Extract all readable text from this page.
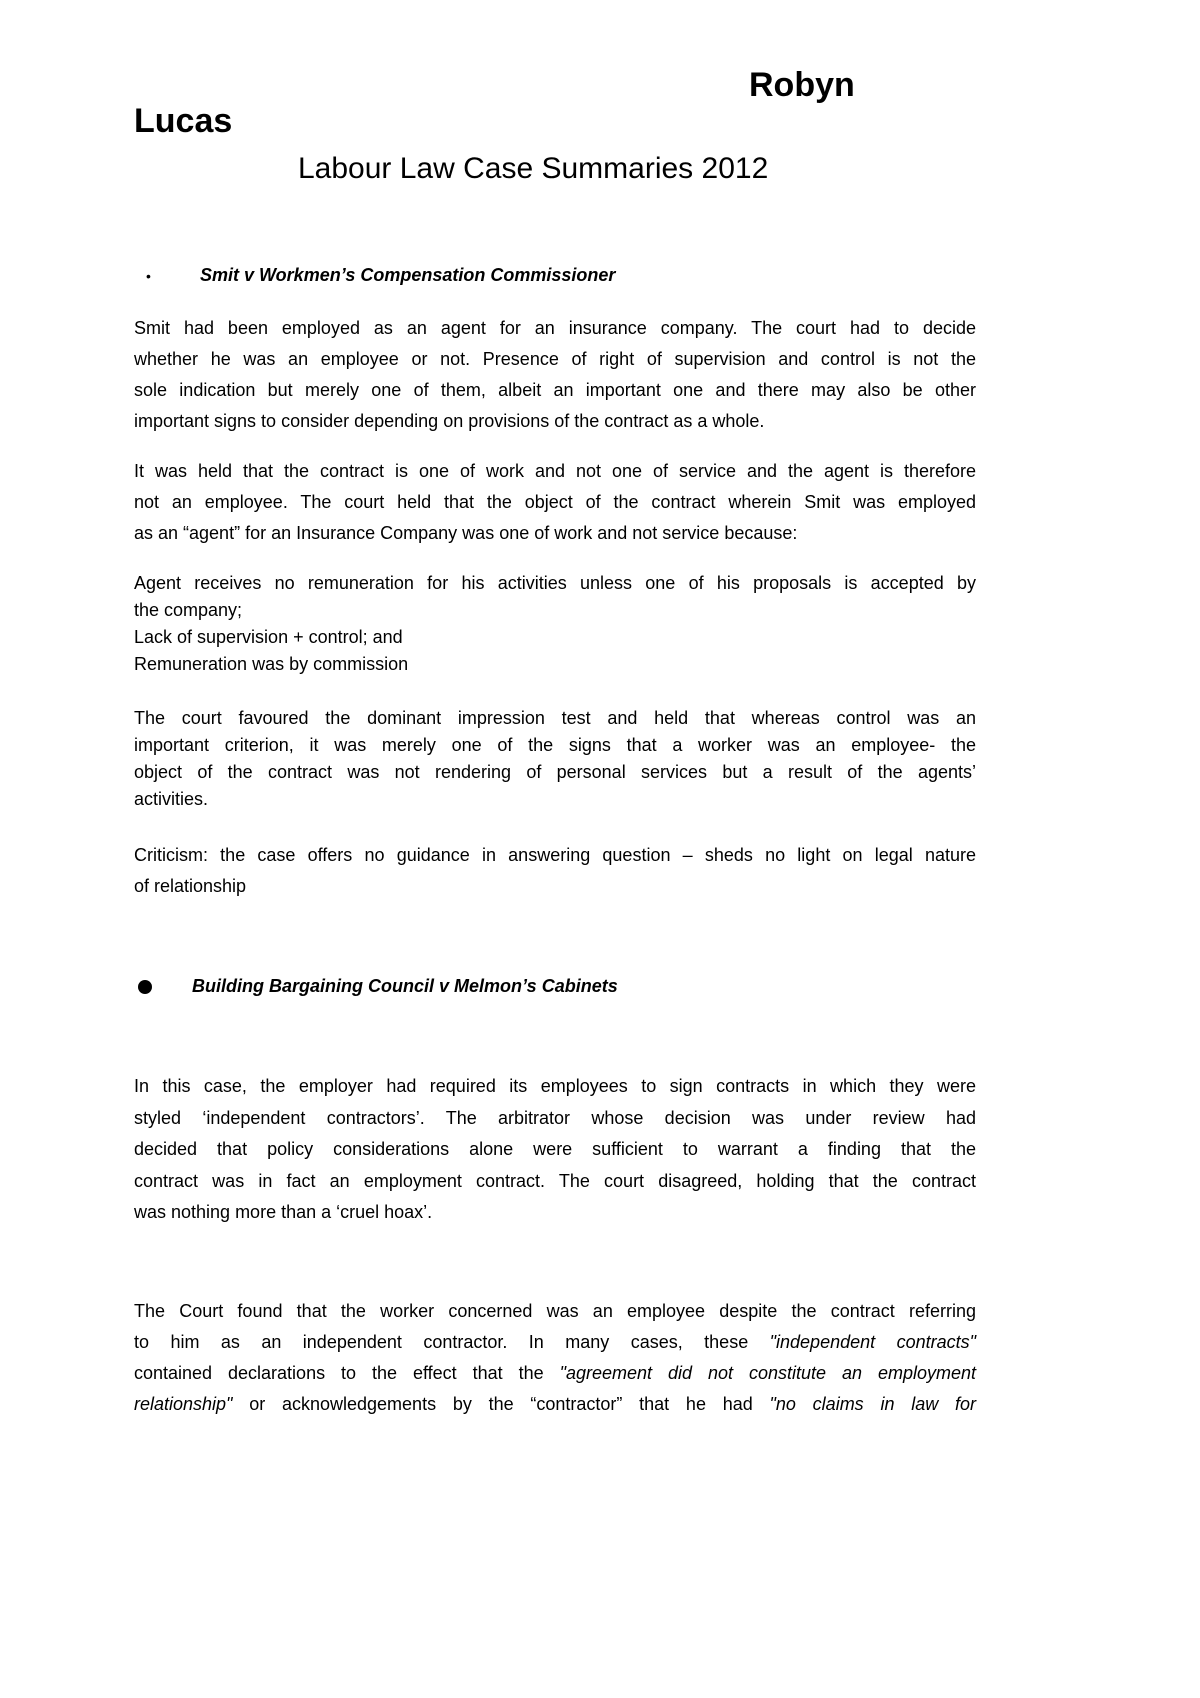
Robyn
Lucas
Labour Law Case Summaries 2012
•	Smit v Workmen’s Compensation Commissioner
Smit had been employed as an agent for an insurance company. The court had to decide
whether he was an employee or not. Presence of right of supervision and control is not the
sole indication but merely one of them, albeit an important one and there may also be other
important signs to consider depending on provisions of the contract as a whole.
It was held that the contract is one of work and not one of service and the agent is therefore
not an employee. The court held that the object of the contract wherein Smit was employed
as an “agent” for an Insurance Company was one of work and not service because:
Agent receives no remuneration for his activities unless one of his proposals is accepted by
the company;
Lack of supervision + control; and
Remuneration was by commission
The court favoured the dominant impression test and held that whereas control was an
important criterion, it was merely one of the signs that a worker was an employee- the
object of the contract was not rendering of personal services but a result of the agents’
activities.
Criticism: the case offers no guidance in answering question – sheds no light on legal nature
of relationship
Building Bargaining Council v Melmon’s Cabinets
In this case, the employer had required its employees to sign contracts in which they were
styled ‘independent contractors’. The arbitrator whose decision was under review had
decided that policy considerations alone were sufficient to warrant a finding that the
contract was in fact an employment contract. The court disagreed, holding that the contract
was nothing more than a ‘cruel hoax’.
The Court found that the worker concerned was an employee despite the contract referring
to him as an independent contractor. In many cases, these "independent contracts"
contained declarations to the effect that the "agreement did not constitute an employment
relationship" or acknowledgements by the “contractor” that he had "no claims in law for
